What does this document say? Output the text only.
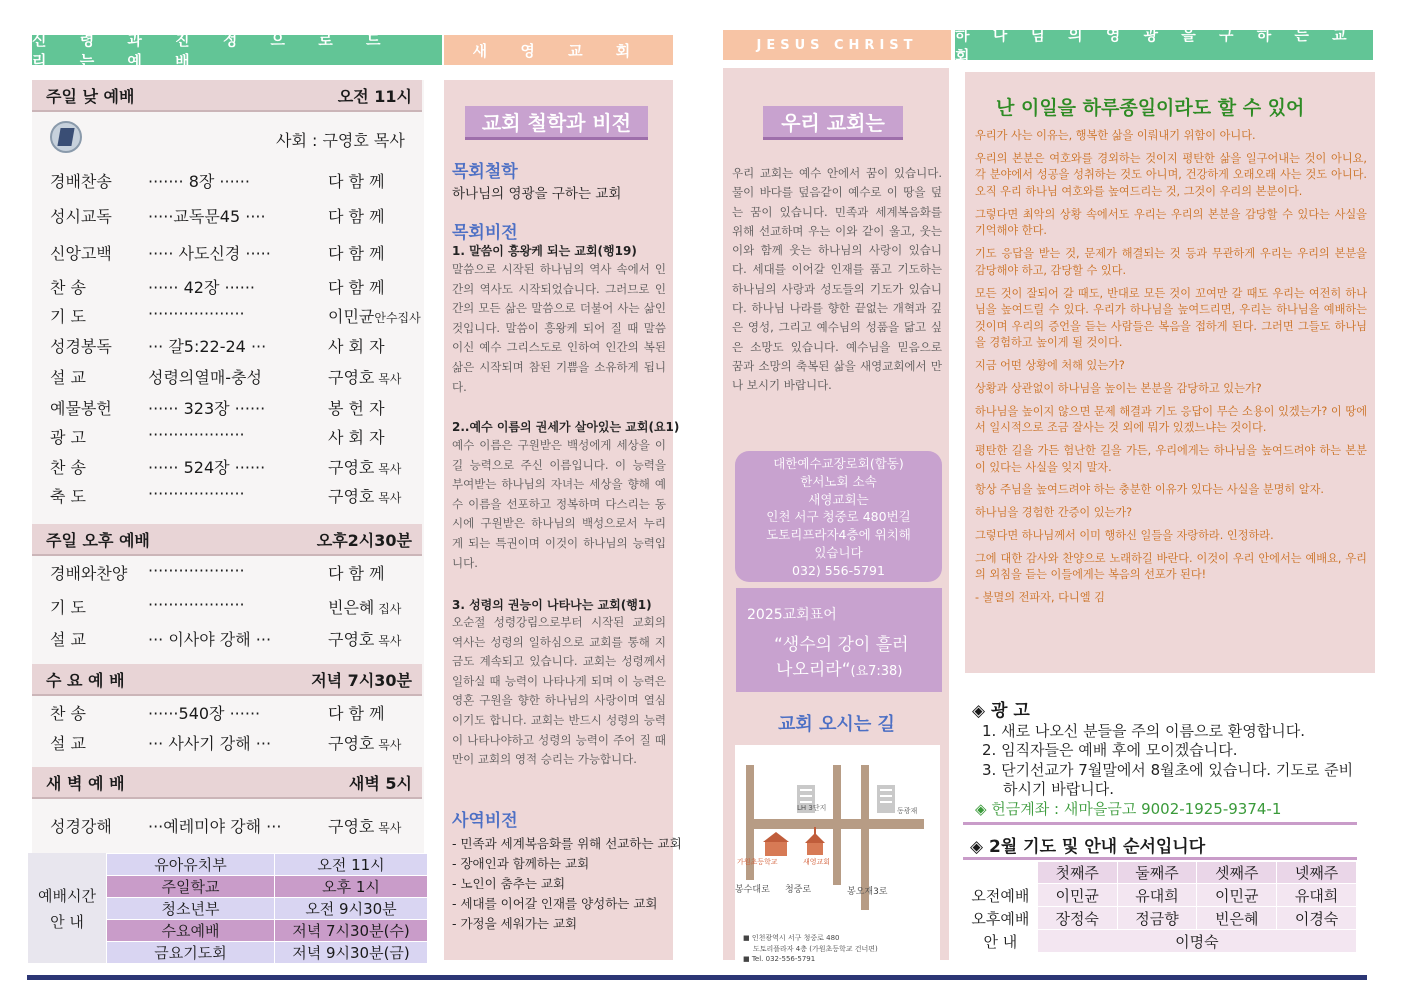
신 령 과 진 정 으 로 드 리 는 예 배
새 영 교 회	JESUS CHRIST
하 나 님 의 영 광 을 구 하 는 교 회
주일 낮 예배	오전 11시
사회 : 구영호 목사
경배찬송 ······· 8장 ······	다 함 께
성시교독 ·····교독문45 ····	다 함 께
신앙고백 ····· 사도신경 ·····	다 함 께
찬 송	······ 42장 ······	다 함 께
기 도	···················	이민균안수집사
성경봉독 ··· 갈5:22-24 ···	사 회 자
설 교	성령의열매-충성	구영호 목사
예물봉헌 ······ 323장 ······	봉 헌 자
광 고	···················	사 회 자
찬 송	······ 524장 ······	구영호 목사
축 도	···················	구영호 목사
주일 오후 예배	오후2시30분
경배와찬양 ···················	다 함 께
기 도	···················	빈은혜 집사
설 교	··· 이사야 강해 ···	구영호 목사
수 요 예 배	저녁 7시30분
찬 송	······540장 ······	다 함 께
설 교	··· 사사기 강해 ···	구영호 목사
새 벽 예 배	새벽 5시
성경강해 ···예레미야 강해 ···	구영호 목사
예배시간
안 내
유아유치부	오전 11시
주일학교	오후 1시
청소년부	오전 9시30분
수요예배	저녁 7시30분(수)
금요기도회	저녁 9시30분(금)
교회 철학과 비전
목회철학
하나님의 영광을 구하는 교회
목회비전
1. 말씀이 흥왕케 되는 교회(행19)
말씀으로 시작된 하나님의 역사 속에서 인간의 역사도 시작되었습니다. 그러므로 인간의 모든 삶은 말씀으로 더불어 사는 삶인 것입니다. 말씀이 흥왕케 되어 질 때 말씀이신 예수 그리스도로 인하여 인간의 복된 삶은 시작되며 참된 기쁨을 소유하게 됩니다.
2..예수 이름의 권세가 살아있는 교회(요1)
예수 이름은 구원받은 백성에게 세상을 이길 능력으로 주신 이름입니다. 이 능력을 부여받는 하나님의 자녀는 세상을 향해 예수 이름을 선포하고 정복하며 다스리는 동시에 구원받은 하나님의 백성으로서 누리게 되는 특권이며 이것이 하나님의 능력입니다.
3. 성령의 권능이 나타나는 교회(행1)
오순절 성령강림으로부터 시작된 교회의 역사는 성령의 일하심으로 교회를 통해 지금도 계속되고 있습니다. 교회는 성령께서 일하실 때 능력이 나타나게 되며 이 능력은 영혼 구원을 향한 하나님의 사랑이며 열심이기도 합니다. 교회는 반드시 성령의 능력이 나타나야하고 성령의 능력이 주어 질 때만이 교회의 영적 승리는 가능합니다.
사역비전
- 민족과 세계복음화를 위해 선교하는 교회
- 장애인과 함께하는 교회
- 노인이 춤추는 교회
- 세대를 이어갈 인재를 양성하는 교회
- 가정을 세워가는 교회
우리 교회는
우리 교회는 예수 안에서 꿈이 있습니다. 물이 바다를 덮음같이 예수로 이 땅을 덮는 꿈이 있습니다. 민족과 세계복음화를 위해 선교하며 우는 이와 같이 울고, 웃는 이와 함께 웃는 하나님의 사랑이 있습니다. 세대를 이어갈 인재를 품고 기도하는 하나님의 사랑과 성도들의 기도가 있습니다. 하나님 나라를 향한 끝없는 개혁과 깊은 영성, 그리고 예수님의 성품을 닮고 싶은 소망도 있습니다. 예수님을 믿음으로 꿈과 소망의 축복된 삶을 새영교회에서 만나 보시기 바랍니다.
대한예수교장로회(합동)
한서노회 소속
새영교회는
인천 서구 청중로 480번길
도토리프라자4층에 위치해
있습니다
032) 556-5791
2025교회표어
“생수의 강이 흘러
나오리라“(요7:38)
교회 오시는 길
LH 3단지	동광재
가원초등학교	새영교회
봉수대로 청중로	봉오재3로
■ 인천광역시 서구 청중로 480
도토리플라자 4층 (가원초등학교 건너편)
■ Tel. 032-556-5791
난 이일을 하루종일이라도 할 수 있어
우리가 사는 이유는, 행복한 삶을 이뤄내기 위함이 아니다.
우리의 본분은 여호와를 경외하는 것이지 평탄한 삶을 일구어내는 것이 아니요, 각 분야에서 성공을 성취하는 것도 아니며, 건강하게 오래오래 사는 것도 아니다. 오직 우리 하나님 여호와를 높여드리는 것, 그것이 우리의 본분이다.
그렇다면 최악의 상황 속에서도 우리는 우리의 본분을 감당할 수 있다는 사실을 기억해야 한다.
기도 응답을 받는 것, 문제가 해결되는 것 등과 무관하게 우리는 우리의 본분을 감당해야 하고, 감당할 수 있다.
모든 것이 잘되어 갈 때도, 반대로 모든 것이 꼬여만 갈 때도 우리는 여전히 하나님을 높여드릴 수 있다. 우리가 하나님을 높여드리면, 우리는 하나님을 예배하는 것이며 우리의 증언을 듣는 사람들은 복음을 접하게 된다. 그러면 그들도 하나님을 경험하고 높이게 될 것이다.
지금 어떤 상황에 처해 있는가?
상황과 상관없이 하나님을 높이는 본분을 감당하고 있는가?
하나님을 높이지 않으면 문제 해결과 기도 응답이 무슨 소용이 있겠는가? 이 땅에서 일시적으로 조금 잘사는 것 외에 뭐가 있겠느냐는 것이다.
평탄한 길을 가든 험난한 길을 가든, 우리에게는 하나님을 높여드려야 하는 본분이 있다는 사실을 잊지 말자.
항상 주님을 높여드려야 하는 충분한 이유가 있다는 사실을 분명히 알자.
하나님을 경험한 간증이 있는가?
그렇다면 하나님께서 이미 행하신 일들을 자랑하라. 인정하라.
그에 대한 감사와 찬양으로 노래하길 바란다. 이것이 우리 안에서는 예배요, 우리의 외침을 듣는 이들에게는 복음의 선포가 된다!
- 불멸의 전파자, 다니엘 김
◈ 광 고
1. 새로 나오신 분들을 주의 이름으로 환영합니다.
2. 임직자들은 예배 후에 모이겠습니다.
3. 단기선교가 7월말에서 8월초에 있습니다. 기도로 준비
하시기 바랍니다.
◈ 헌금계좌 : 새마을금고 9002-1925-9374-1
◈ 2월 기도 및 안내 순서입니다
	첫째주	둘째주	셋째주	넷째주
오전예배	이민균	유대희	이민균	유대희
오후예배	장정숙	정금향	빈은혜	이경숙
안 내	이명숙			
